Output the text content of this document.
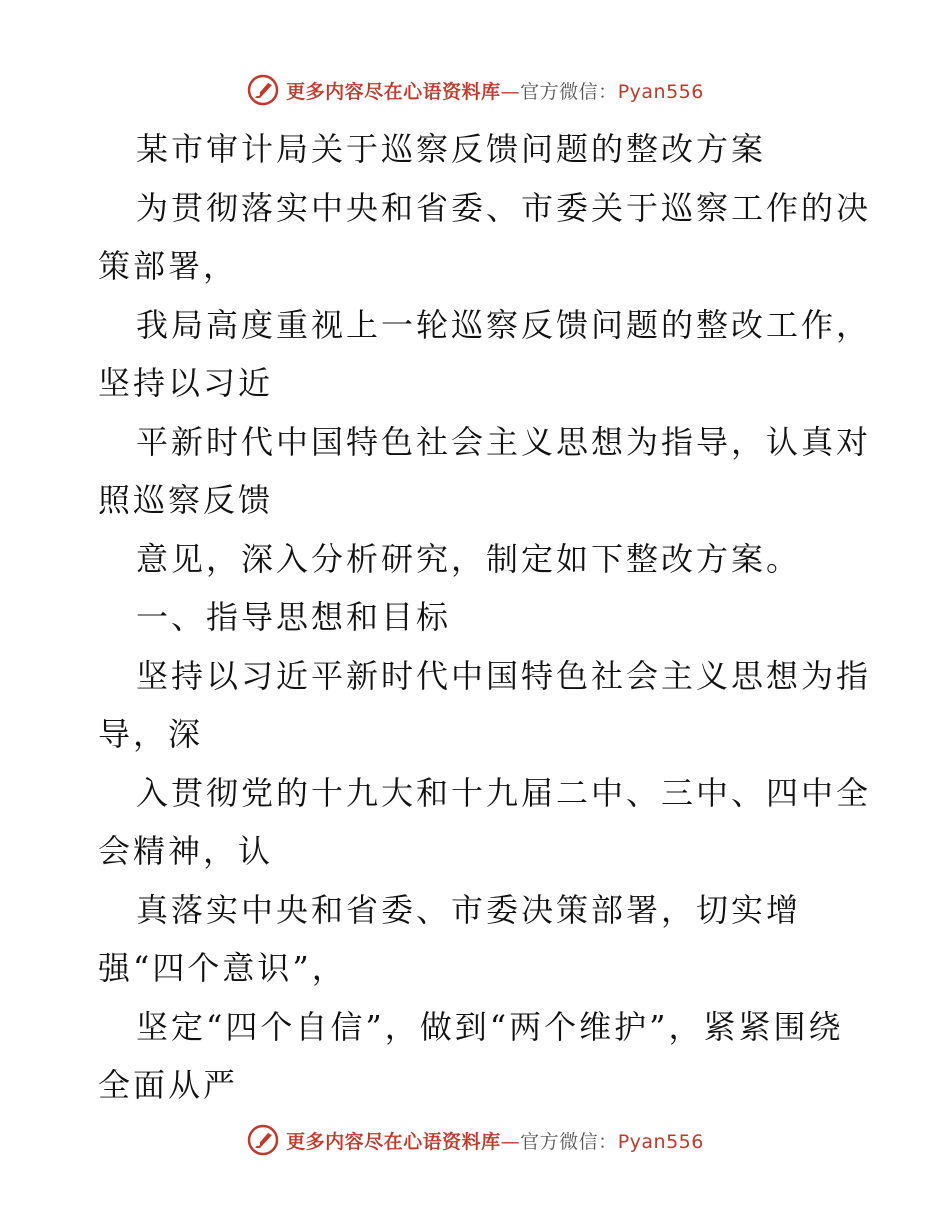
更多内容尽在心语资料库—官方微信：Pyan556
某市审计局关于巡察反馈问题的整改方案
为贯彻落实中央和省委、市委关于巡察工作的决
策部署，
我局高度重视上一轮巡察反馈问题的整改工作，
坚持以习近
平新时代中国特色社会主义思想为指导，认真对
照巡察反馈
意见，深入分析研究，制定如下整改方案。
一、指导思想和目标
坚持以习近平新时代中国特色社会主义思想为指
导，深
入贯彻党的十九大和十九届二中、三中、四中全
会精神，认
真落实中央和省委、市委决策部署，切实增
强“四个意识”，
坚定“四个自信”，做到“两个维护”，紧紧围绕
全面从严
更多内容尽在心语资料库—官方微信：Pyan556
